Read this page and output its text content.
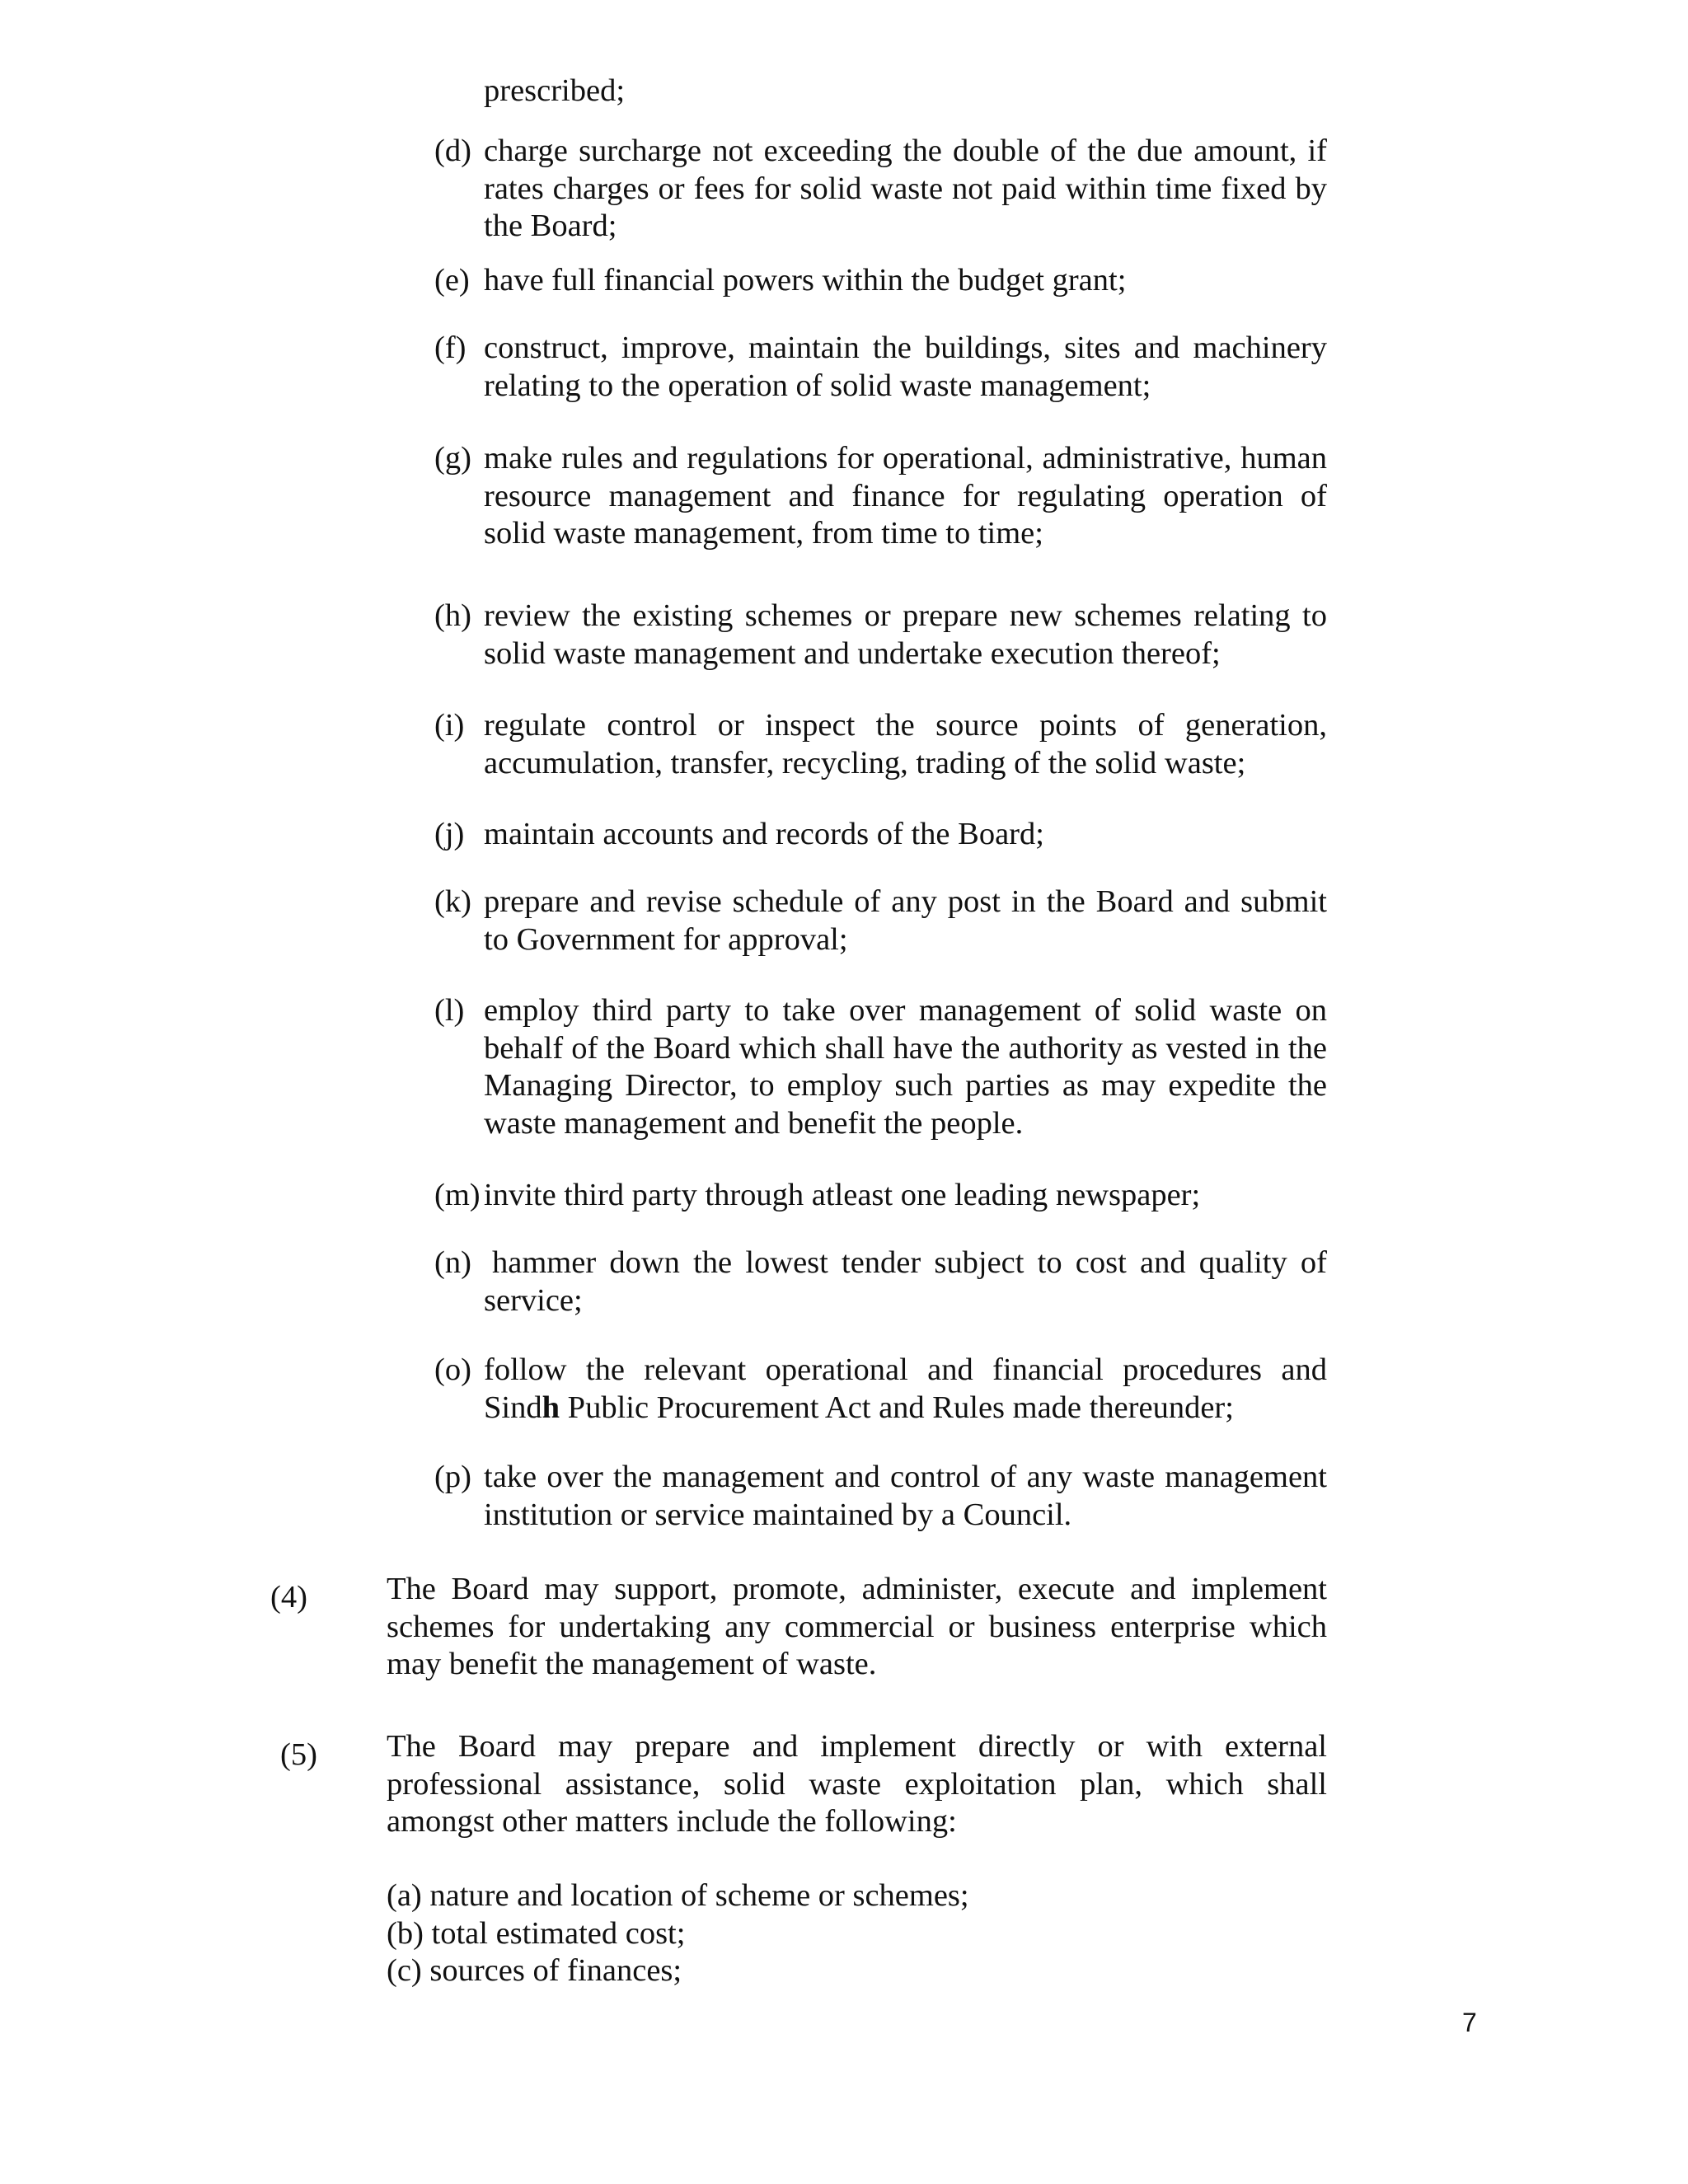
prescribed;
(d) charge surcharge not exceeding the double of the due amount, if rates charges or fees for solid waste not paid within time fixed by the Board;
(e) have full financial powers within the budget grant;
(f) construct, improve, maintain the buildings, sites and machinery relating to the operation of solid waste management;
(g) make rules and regulations for operational, administrative, human resource management and finance for regulating operation of solid waste management, from time to time;
(h) review the existing schemes or prepare new schemes relating to solid waste management and undertake execution thereof;
(i) regulate control or inspect the source points of generation, accumulation, transfer, recycling, trading of the solid waste;
(j) maintain accounts and records of the Board;
(k) prepare and revise schedule of any post in the Board and submit to Government for approval;
(l) employ third party to take over management of solid waste on behalf of the Board which shall have the authority as vested in the Managing Director, to employ such parties as may expedite the waste management and benefit the people.
(m) invite third party through atleast one leading newspaper;
(n) hammer down the lowest tender subject to cost and quality of service;
(o) follow the relevant operational and financial procedures and Sindh Public Procurement Act and Rules made thereunder;
(p) take over the management and control of any waste management institution or service maintained by a Council.
(4) The Board may support, promote, administer, execute and implement schemes for undertaking any commercial or business enterprise which may benefit the management of waste.
(5) The Board may prepare and implement directly or with external professional assistance, solid waste exploitation plan, which shall amongst other matters include the following:
(a) nature and location of scheme or schemes;
(b) total estimated cost;
(c) sources of finances;
7
